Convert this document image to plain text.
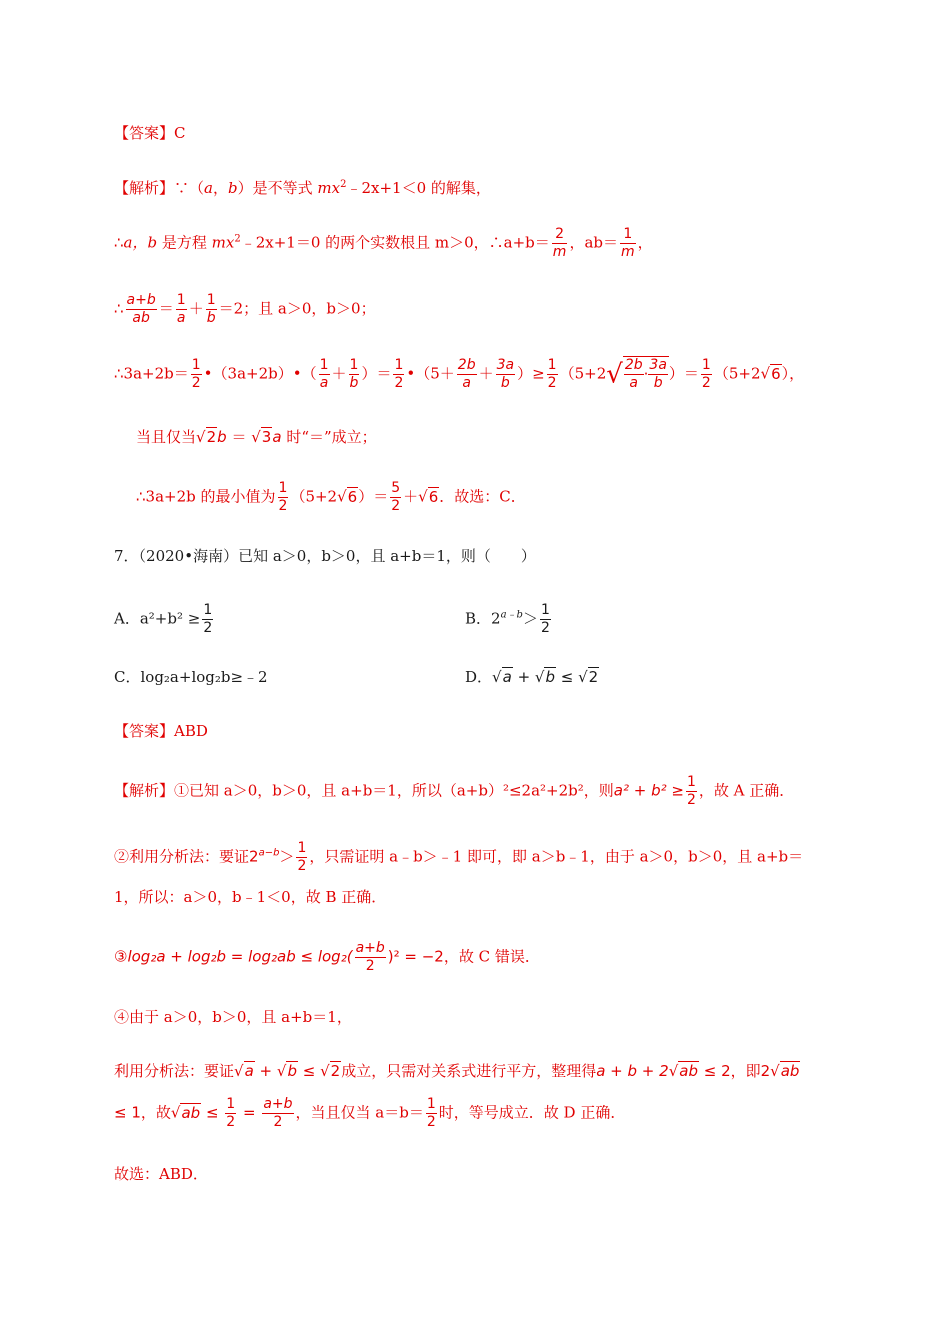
【答案】C
【解析】∵（a，b）是不等式 $mx^2﹣2x+1<0$ 的解集，
∴a，b 是方程 $mx^2﹣2x+1=0$ 的两个实数根且 m＞0，∴a+b＝ $\frac{2}{m}$ ，$ab= \frac{1}{m}$ ，
∴ $\frac{a+b}{ab} = \frac{1}{a} + \frac{1}{b} =2$；且 a＞0，b＞0；
∴3a+2b＝ $\frac{1}{2}$ •（3a+2b）•（ $\frac{1}{a} + \frac{1}{b}$ ）＝ $\frac{1}{2}$ •（5＋ $\frac{2b}{a} + \frac{3a}{b}$ ）≥ $\frac{1}{2} (5+2√ \frac{2b}{a} \cdot \frac{3a}{b}$ ）＝ $\frac{1}{2} (5+2√6)$，
当且仅当√2b ＝ √3a 时“＝”成立；
∴3a+2b 的最小值为 $\frac{1}{2} (5+2√6)= \frac{5}{2} +√6$．故选：C．
7．（2020•海南）已知 a＞0，b＞0，且 a+b＝1，则（　　）
A．$a^2+b^2 \ge \frac{1}{2}$	B．$2^{a﹣b}> \frac{1}{2}$
C．log₂a+log₂b≥﹣2	D．√a + √b ≤ √2
【答案】ABD
【解析】①已知 a＞0，b＞0，且 a+b＝1，所以（a+b）²≤2a²+2b²，则$a^2 + b^2 \ge \frac{1}{2}$ ，故 A 正确．
②利用分析法：要证$2^{a-b}> \frac{1}{2}$ ，只需证明 a﹣b＞﹣1 即可，即 a＞b﹣1，由于 a＞0，b＞0，且 a+b＝
1，所以：a＞0，b﹣1＜0，故 B 正确．
③log₂a + $\log_2b = \log_2ab \le \log_2( \frac{a+b}{2} )^2 = -2$，故 C 错误．
④由于 a＞0，b＞0，且 a+b＝1，
利用分析法：要证√a + √b ≤ √2成立，只需对关系式进行平方，整理得a + b + 2√ab ≤ 2，即2√ab
≤ 1，故$√ab \le \frac{1}{2} = \frac{a+b}{2}$ ，当且仅当 $a=b= \frac{1}{2}$ 时，等号成立．故 D 正确．
故选：ABD．
